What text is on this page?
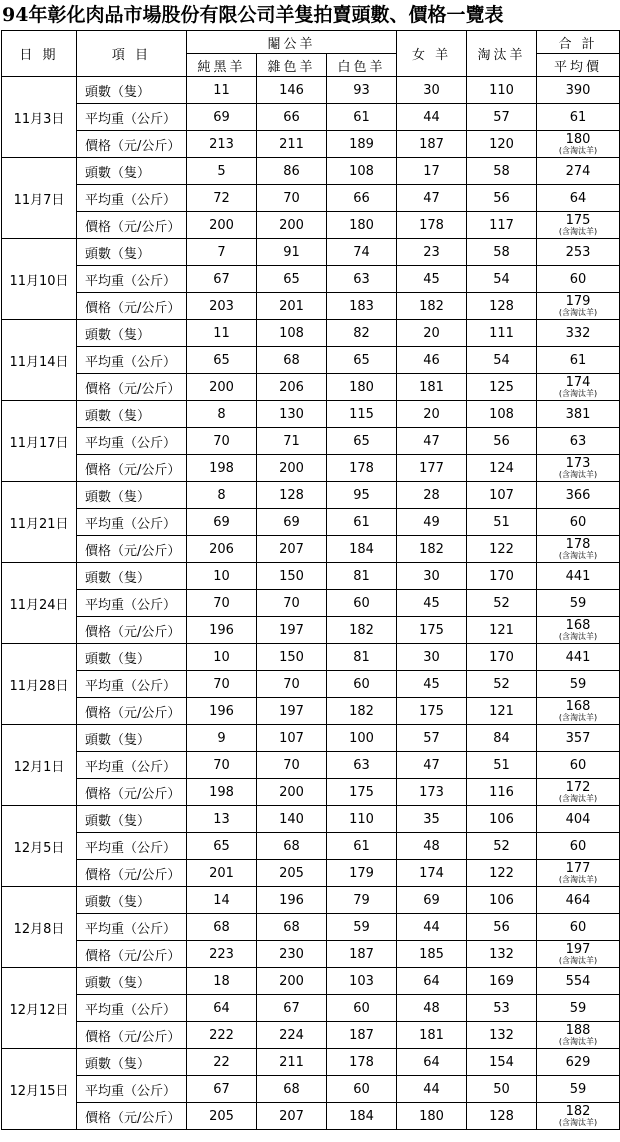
94年彰化肉品市場股份有限公司羊隻拍賣頭數、價格一覽表
日 期	項 目	閹公羊			女 羊	淘汰羊	合 計
		純黑羊	雜色羊	白色羊			平均價
11月3日	頭數（隻）	11	146	93	30	110	390
	平均重（公斤）	69	66	61	44	57	61
	價格（元/公斤）	213	211	189	187	120	180
(含淘汰羊)

11月7日	頭數（隻）	5	86	108	17	58	274
	平均重（公斤）	72	70	66	47	56	64
	價格（元/公斤）	200	200	180	178	117	175
(含淘汰羊)

11月10日	頭數（隻）	7	91	74	23	58	253
	平均重（公斤）	67	65	63	45	54	60
	價格（元/公斤）	203	201	183	182	128	179
(含淘汰羊)

11月14日	頭數（隻）	11	108	82	20	111	332
	平均重（公斤）	65	68	65	46	54	61
	價格（元/公斤）	200	206	180	181	125	174
(含淘汰羊)

11月17日	頭數（隻）	8	130	115	20	108	381
	平均重（公斤）	70	71	65	47	56	63
	價格（元/公斤）	198	200	178	177	124	173
(含淘汰羊)

11月21日	頭數（隻）	8	128	95	28	107	366
	平均重（公斤）	69	69	61	49	51	60
	價格（元/公斤）	206	207	184	182	122	178
(含淘汰羊)

11月24日	頭數（隻）	10	150	81	30	170	441
	平均重（公斤）	70	70	60	45	52	59
	價格（元/公斤）	196	197	182	175	121	168
(含淘汰羊)

11月28日	頭數（隻）	10	150	81	30	170	441
	平均重（公斤）	70	70	60	45	52	59
	價格（元/公斤）	196	197	182	175	121	168
(含淘汰羊)

12月1日	頭數（隻）	9	107	100	57	84	357
	平均重（公斤）	70	70	63	47	51	60
	價格（元/公斤）	198	200	175	173	116	172
(含淘汰羊)

12月5日	頭數（隻）	13	140	110	35	106	404
	平均重（公斤）	65	68	61	48	52	60
	價格（元/公斤）	201	205	179	174	122	177
(含淘汰羊)

12月8日	頭數（隻）	14	196	79	69	106	464
	平均重（公斤）	68	68	59	44	56	60
	價格（元/公斤）	223	230	187	185	132	197
(含淘汰羊)

12月12日	頭數（隻）	18	200	103	64	169	554
	平均重（公斤）	64	67	60	48	53	59
	價格（元/公斤）	222	224	187	181	132	188
(含淘汰羊)

12月15日	頭數（隻）	22	211	178	64	154	629
	平均重（公斤）	67	68	60	44	50	59
	價格（元/公斤）	205	207	184	180	128	182
(含淘汰羊)
